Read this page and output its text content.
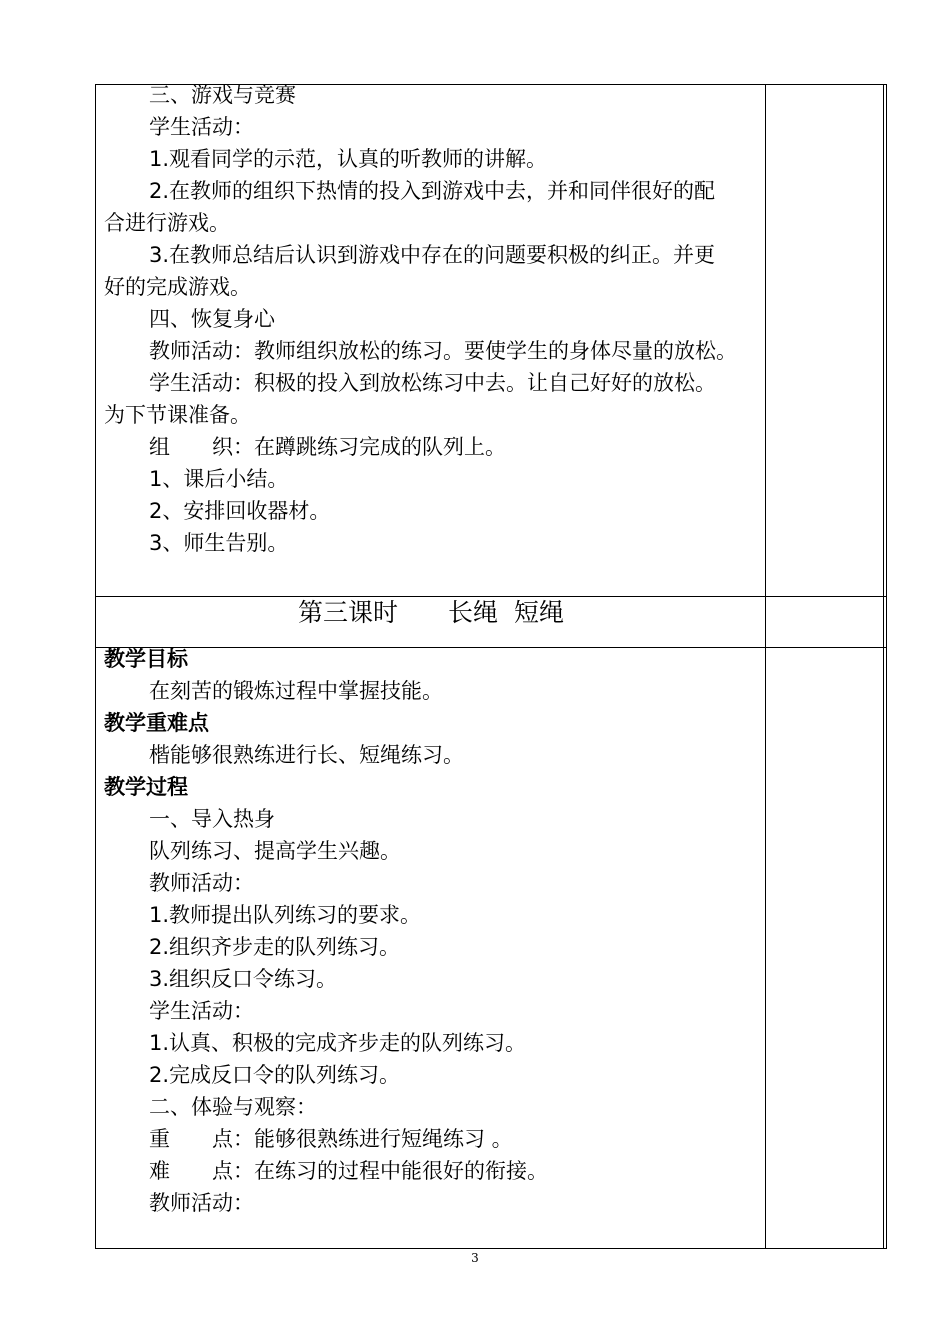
三、游戏与竞赛
学生活动：
1.观看同学的示范，认真的听教师的讲解。
2.在教师的组织下热情的投入到游戏中去，并和同伴很好的配
合进行游戏。
3.在教师总结后认识到游戏中存在的问题要积极的纠正。并更
好的完成游戏。
四、恢复身心
教师活动：教师组织放松的练习。要使学生的身体尽量的放松。
学生活动：积极的投入到放松练习中去。让自己好好的放松。
为下节课准备。
组　　织：在蹲跳练习完成的队列上。
1、课后小结。
2、安排回收器材。
3、师生告别。
第三课时　　长绳  短绳
教学目标
在刻苦的锻炼过程中掌握技能。
教学重难点
楷能够很熟练进行长、短绳练习。
教学过程
一、导入热身
队列练习、提高学生兴趣。
教师活动：
1.教师提出队列练习的要求。
2.组织齐步走的队列练习。
3.组织反口令练习。
学生活动：
1.认真、积极的完成齐步走的队列练习。
2.完成反口令的队列练习。
二、体验与观察：
重　　点：能够很熟练进行短绳练习 。
难　　点：在练习的过程中能很好的衔接。
教师活动：
3
